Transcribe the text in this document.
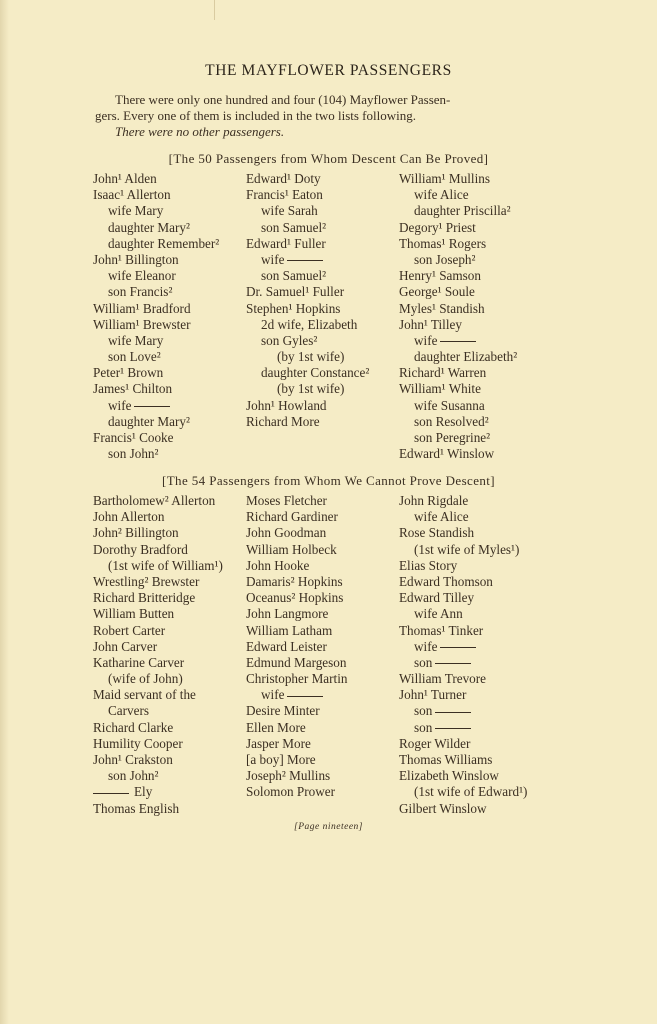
THE MAYFLOWER PASSENGERS
There were only one hundred and four (104) Mayflower Passen-
gers. Every one of them is included in the two lists following.
There were no other passengers.
[The 50 Passengers from Whom Descent Can Be Proved]
John¹ Alden
Isaac¹ Allerton
wife Mary
daughter Mary²
daughter Remember²
John¹ Billington
wife Eleanor
son Francis²
William¹ Bradford
William¹ Brewster
wife Mary
son Love²
Peter¹ Brown
James¹ Chilton
wife
daughter Mary²
Francis¹ Cooke
son John²
Edward¹ Doty
Francis¹ Eaton
wife Sarah
son Samuel²
Edward¹ Fuller
wife
son Samuel²
Dr. Samuel¹ Fuller
Stephen¹ Hopkins
2d wife, Elizabeth
son Gyles²
(by 1st wife)
daughter Constance²
(by 1st wife)
John¹ Howland
Richard More
William¹ Mullins
wife Alice
daughter Priscilla²
Degory¹ Priest
Thomas¹ Rogers
son Joseph²
Henry¹ Samson
George¹ Soule
Myles¹ Standish
John¹ Tilley
wife
daughter Elizabeth²
Richard¹ Warren
William¹ White
wife Susanna
son Resolved²
son Peregrine²
Edward¹ Winslow
[The 54 Passengers from Whom We Cannot Prove Descent]
Bartholomew² Allerton
John Allerton
John² Billington
Dorothy Bradford
(1st wife of William¹)
Wrestling² Brewster
Richard Britteridge
William Butten
Robert Carter
John Carver
Katharine Carver
(wife of John)
Maid servant of the
Carvers
Richard Clarke
Humility Cooper
John¹ Crakston
son John²
Ely
Thomas English
Moses Fletcher
Richard Gardiner
John Goodman
William Holbeck
John Hooke
Damaris² Hopkins
Oceanus² Hopkins
John Langmore
William Latham
Edward Leister
Edmund Margeson
Christopher Martin
wife
Desire Minter
Ellen More
Jasper More
[a boy] More
Joseph² Mullins
Solomon Prower
John Rigdale
wife Alice
Rose Standish
(1st wife of Myles¹)
Elias Story
Edward Thomson
Edward Tilley
wife Ann
Thomas¹ Tinker
wife
son
William Trevore
John¹ Turner
son
son
Roger Wilder
Thomas Williams
Elizabeth Winslow
(1st wife of Edward¹)
Gilbert Winslow
[Page nineteen]
